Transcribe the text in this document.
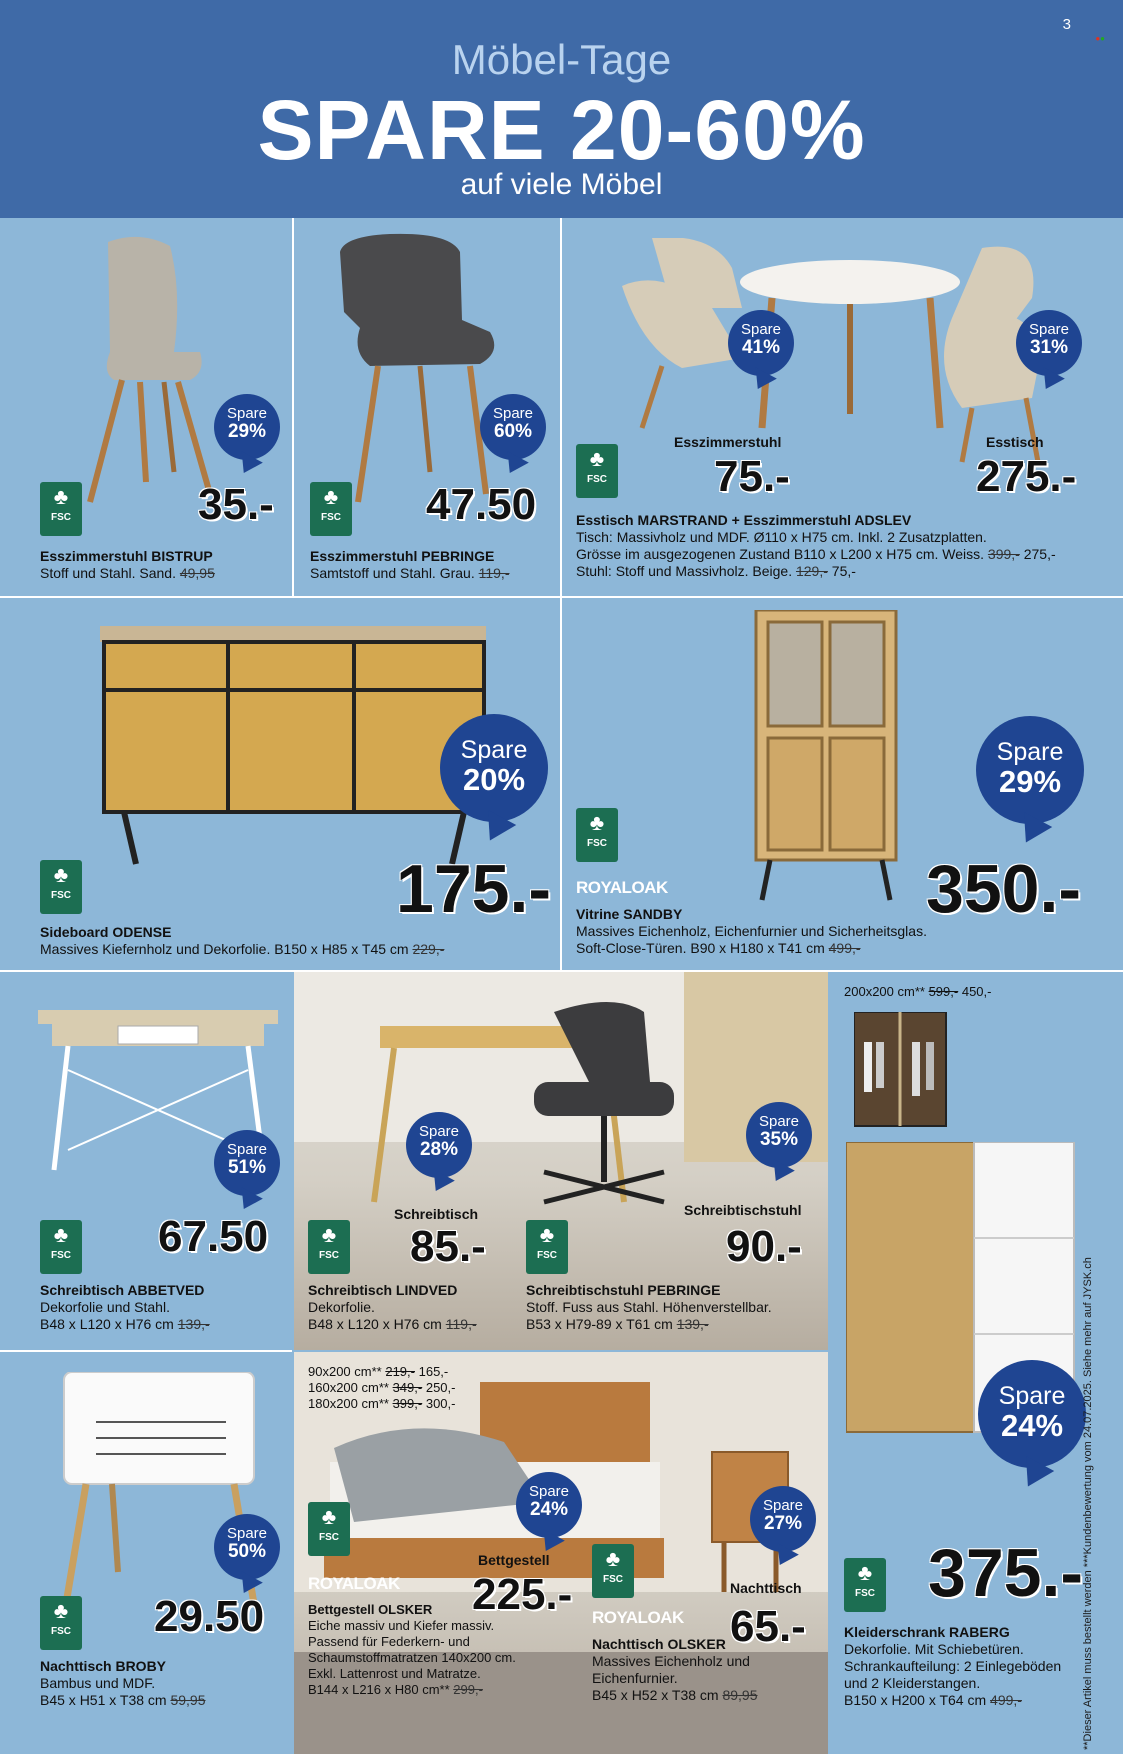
3
●●
Möbel-Tage
SPARE 20-60%
auf viele Möbel
Spare
29%
♣
FSC	35.-
Esszimmerstuhl BISTRUP
Stoff und Stahl. Sand. 49,95
Spare
60%
♣
FSC 47.50
Esszimmerstuhl PEBRINGE
Samtstoff und Stahl. Grau. 119,-
Spare
41%
Spare
31%
♣
FSC
Esszimmerstuhl
75.-
Esstisch
275.-
Esstisch MARSTRAND + Esszimmerstuhl ADSLEV
Tisch: Massivholz und MDF. Ø110 x H75 cm. Inkl. 2 Zusatzplatten.
Grösse im ausgezogenen Zustand B110 x L200 x H75 cm. Weiss. 399,- 275,-
Stuhl: Stoff und Massivholz. Beige. 129,- 75,-
Spare
20%
♣
FSC	175.-
Sideboard ODENSE
Massives Kiefernholz und Dekorfolie. B150 x H85 x T45 cm 229,-
Spare
29%
♣
FSC
ROYALOAK	350.-
Vitrine SANDBY
Massives Eichenholz, Eichenfurnier und Sicherheitsglas.
Soft-Close-Türen. B90 x H180 x T41 cm 499,-
Spare
51%
♣
FSC 67.50
Schreibtisch ABBETVED
Dekorfolie und Stahl.
B48 x L120 x H76 cm 139,-
Spare
28%
Spare
35%
Schreibtisch	Schreibtischstuhl
♣
FSC
♣
FSC
85.-	90.-
Schreibtisch LINDVED
Dekorfolie.
B48 x L120 x H76 cm 119,-
Schreibtischstuhl PEBRINGE
Stoff. Fuss aus Stahl. Höhenverstellbar.
B53 x H79-89 x T61 cm 139,-
200x200 cm** 599,- 450,-
Spare
24%
♣
FSC 375.-
Kleiderschrank RABERG
Dekorfolie. Mit Schiebetüren.
Schrankaufteilung: 2 Einlegeböden
und 2 Kleiderstangen.
B150 x H200 x T64 cm 499,-
Spare
50%
♣
FSC 29.50
Nachttisch BROBY
Bambus und MDF.
B45 x H51 x T38 cm 59,95
90x200 cm** 219,- 165,-
160x200 cm** 349,- 250,-
180x200 cm** 399,- 300,-
Spare
24%	Spare
27%
♣
FSC
♣
FSC
ROYALOAK
ROYALOAK
Bettgestell
Nachttisch
225.-
65.-
Bettgestell OLSKER
Eiche massiv und Kiefer massiv.
Passend für Federkern- und
Schaumstoffmatratzen 140x200 cm.
Exkl. Lattenrost und Matratze.
B144 x L216 x H80 cm** 299,-
Nachttisch OLSKER
Massives Eichenholz und
Eichenfurnier.
B45 x H52 x T38 cm 89,95	**Dieser Artikel muss bestellt werden ***Kundenbewertung vom 24.07.2025. Siehe mehr auf JYSK.ch
